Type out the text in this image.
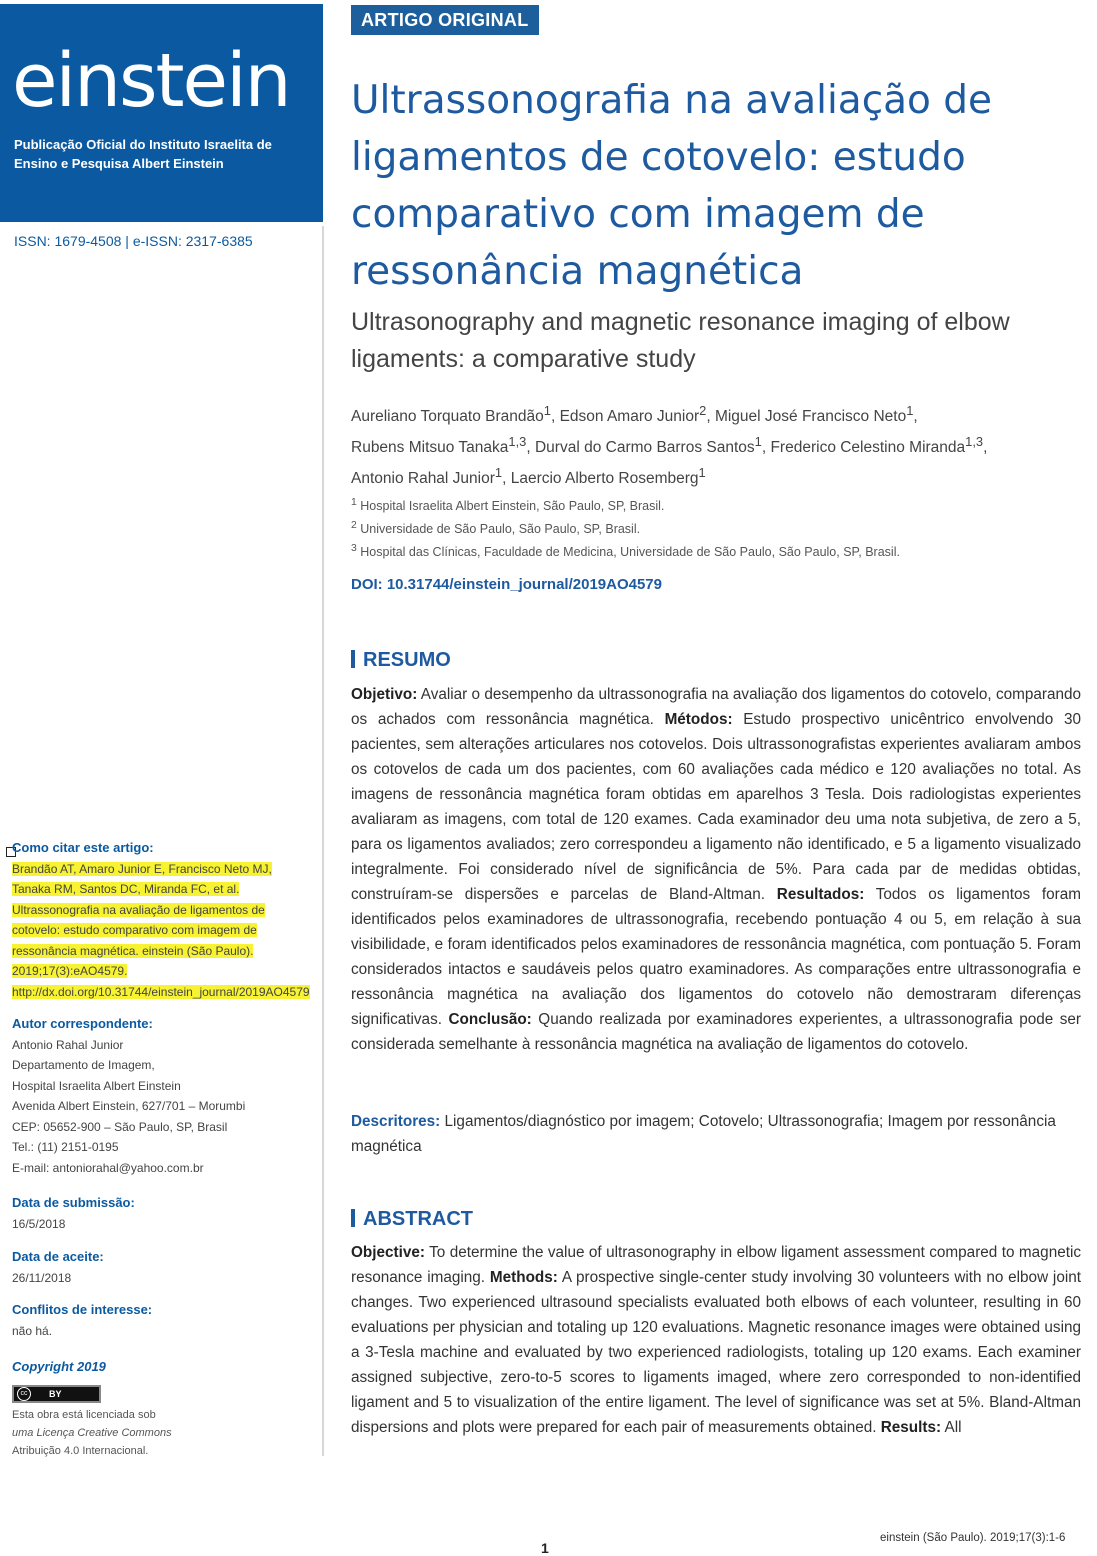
einstein
Publicação Oficial do Instituto Israelita de Ensino e Pesquisa Albert Einstein
ISSN: 1679-4508 | e-ISSN: 2317-6385
Como citar este artigo:
Brandão AT, Amaro Junior E, Francisco Neto MJ, Tanaka RM, Santos DC, Miranda FC, et al. Ultrassonografia na avaliação de ligamentos de cotovelo: estudo comparativo com imagem de ressonância magnética. einstein (São Paulo). 2019;17(3):eAO4579. http://dx.doi.org/10.31744/einstein_journal/2019AO4579
Autor correspondente:
Antonio Rahal Junior
Departamento de Imagem,
Hospital Israelita Albert Einstein
Avenida Albert Einstein, 627/701 – Morumbi
CEP: 05652-900 – São Paulo, SP, Brasil
Tel.: (11) 2151-0195
E-mail: antoniorahal@yahoo.com.br
Data de submissão:
16/5/2018
Data de aceite:
26/11/2018
Conflitos de interesse:
não há.
Copyright 2019
cc	BY
Esta obra está licenciada sob
uma Licença Creative Commons
Atribuição 4.0 Internacional.
ARTIGO ORIGINAL
Ultrassonografia na avaliação de ligamentos de cotovelo: estudo comparativo com imagem de ressonância magnética
Ultrasonography and magnetic resonance imaging of elbow ligaments: a comparative study
Aureliano Torquato Brandão$^1$, Edson Amaro Junior$^2$, Miguel José Francisco Neto$^1$,
Rubens Mitsuo Tanaka$^{1,3}$, Durval do Carmo Barros Santos$^1$, Frederico Celestino Miranda$^{1,3}$,
Antonio Rahal Junior$^1$, Laercio Alberto Rosemberg$^1$
$^1$ Hospital Israelita Albert Einstein, São Paulo, SP, Brasil.
$^2$ Universidade de São Paulo, São Paulo, SP, Brasil.
$^3$ Hospital das Clínicas, Faculdade de Medicina, Universidade de São Paulo, São Paulo, SP, Brasil.
DOI: 10.31744/einstein_journal/2019AO4579
RESUMO
Objetivo: Avaliar o desempenho da ultrassonografia na avaliação dos ligamentos do cotovelo, comparando os achados com ressonância magnética. Métodos: Estudo prospectivo unicêntrico envolvendo 30 pacientes, sem alterações articulares nos cotovelos. Dois ultrassonografistas experientes avaliaram ambos os cotovelos de cada um dos pacientes, com 60 avaliações cada médico e 120 avaliações no total. As imagens de ressonância magnética foram obtidas em aparelhos 3 Tesla. Dois radiologistas experientes avaliaram as imagens, com total de 120 exames. Cada examinador deu uma nota subjetiva, de zero a 5, para os ligamentos avaliados; zero correspondeu a ligamento não identificado, e 5 a ligamento visualizado integralmente. Foi considerado nível de significância de 5%. Para cada par de medidas obtidas, construíram-se dispersões e parcelas de Bland-Altman. Resultados: Todos os ligamentos foram identificados pelos examinadores de ultrassonografia, recebendo pontuação 4 ou 5, em relação à sua visibilidade, e foram identificados pelos examinadores de ressonância magnética, com pontuação 5. Foram considerados intactos e saudáveis pelos quatro examinadores. As comparações entre ultrassonografia e ressonância magnética na avaliação dos ligamentos do cotovelo não demostraram diferenças significativas. Conclusão: Quando realizada por examinadores experientes, a ultrassonografia pode ser considerada semelhante à ressonância magnética na avaliação de ligamentos do cotovelo.
Descritores: Ligamentos/diagnóstico por imagem; Cotovelo; Ultrassonografia; Imagem por ressonância magnética
ABSTRACT
Objective: To determine the value of ultrasonography in elbow ligament assessment compared to magnetic resonance imaging. Methods: A prospective single-center study involving 30 volunteers with no elbow joint changes. Two experienced ultrasound specialists evaluated both elbows of each volunteer, resulting in 60 evaluations per physician and totaling up 120 evaluations. Magnetic resonance images were obtained using a 3-Tesla machine and evaluated by two experienced radiologists, totaling up 120 exams. Each examiner assigned subjective, zero-to-5 scores to ligaments imaged, where zero corresponded to non-identified ligament and 5 to visualization of the entire ligament. The level of significance was set at 5%. Bland-Altman dispersions and plots were prepared for each pair of measurements obtained. Results: All
1
einstein (São Paulo). 2019;17(3):1-6
